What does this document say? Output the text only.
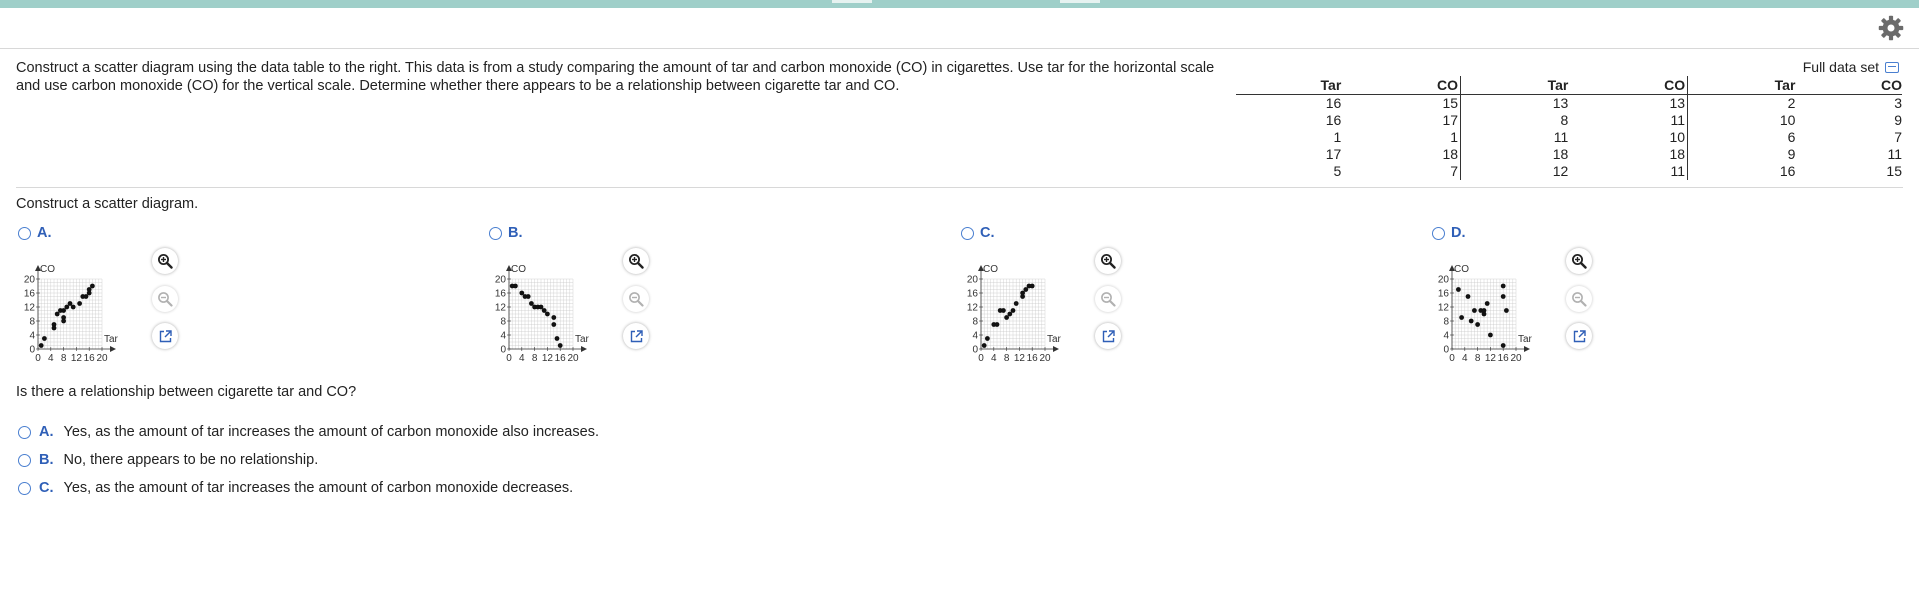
Construct a scatter diagram using the data table to the right. This data is from a study comparing the amount of tar and carbon monoxide (CO) in cigarettes. Use tar for the horizontal scale and use carbon monoxide (CO) for the vertical scale. Determine whether there appears to be a relationship between cigarette tar and CO.
Full data set
Tar	CO	Tar	CO	Tar	CO
16	15	13	13	2	3
16	17	8	11	10	9
1	1	11	10	6	7
17	18	18	18	9	11
5	7	12	11	16	15
Construct a scatter diagram.
A.	B.	C.	D.
CO
Tar
0
4
8
12
16
20
0 4 8 12 16 20
CO
Tar
0
4
8
12
16
20
0 4 8 12 16 20
CO
Tar
0
4
8
12
16
20
0 4 8 12 16 20
CO
Tar
0
4
8
12
16
20
0 4 8 12 16 20
Is there a relationship between cigarette tar and CO?
A. Yes, as the amount of tar increases the amount of carbon monoxide also increases.
B. No, there appears to be no relationship.
C. Yes, as the amount of tar increases the amount of carbon monoxide decreases.
